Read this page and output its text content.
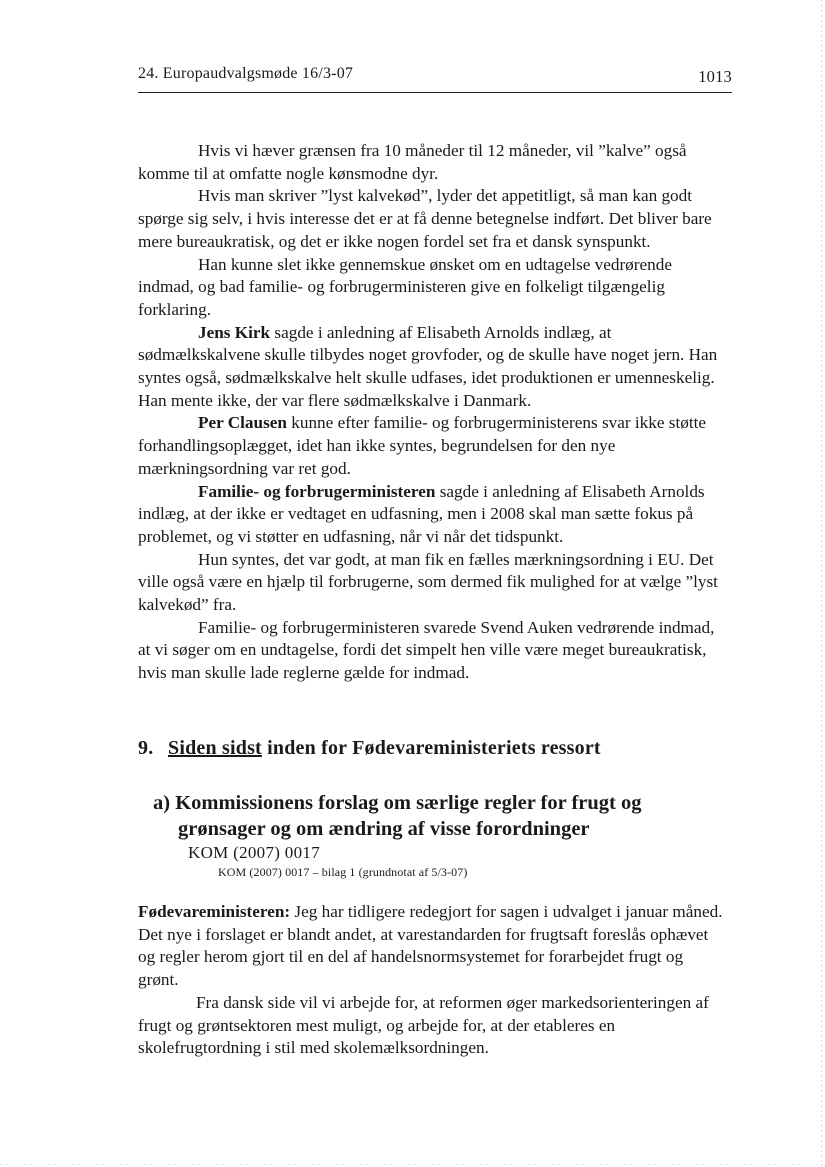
24. Europaudvalgsmøde 16/3-07	1013

Hvis vi hæver grænsen fra 10 måneder til 12 måneder, vil ”kalve” også komme til at omfatte nogle kønsmodne dyr.

Hvis man skriver ”lyst kalvekød”, lyder det appetitligt, så man kan godt spørge sig selv, i hvis interesse det er at få denne betegnelse indført. Det bliver bare mere bureaukratisk, og det er ikke nogen fordel set fra et dansk synspunkt.

Han kunne slet ikke gennemskue ønsket om en udtagelse vedrørende indmad, og bad familie- og forbrugerministeren give en folkeligt tilgængelig forklaring.

Jens Kirk sagde i anledning af Elisabeth Arnolds indlæg, at sødmælkskalvene skulle tilbydes noget grovfoder, og de skulle have noget jern. Han syntes også, sødmælkskalve helt skulle udfases, idet produktionen er umenneskelig. Han mente ikke, der var flere sødmælkskalve i Danmark.

Per Clausen kunne efter familie- og forbrugerministerens svar ikke støtte forhandlingsoplægget, idet han ikke syntes, begrundelsen for den nye mærkningsordning var ret god.

Familie- og forbrugerministeren sagde i anledning af Elisabeth Arnolds indlæg, at der ikke er vedtaget en udfasning, men i 2008 skal man sætte fokus på problemet, og vi støtter en udfasning, når vi når det tidspunkt.

Hun syntes, det var godt, at man fik en fælles mærkningsordning i EU. Det ville også være en hjælp til forbrugerne, som dermed fik mulighed for at vælge ”lyst kalvekød” fra.

Familie- og forbrugerministeren svarede Svend Auken vedrørende indmad, at vi søger om en undtagelse, fordi det simpelt hen ville være meget bureaukratisk, hvis man skulle lade reglerne gælde for indmad.

9. Siden sidst inden for Fødevareministeriets ressort
a) Kommissionens forslag om særlige regler for frugt og
grønsager og om ændring af visse forordninger
KOM (2007) 0017
KOM (2007) 0017 – bilag 1 (grundnotat af 5/3-07)

Fødevareministeren: Jeg har tidligere redegjort for sagen i udvalget i januar måned. Det nye i forslaget er blandt andet, at varestandarden for frugtsaft foreslås ophævet og regler herom gjort til en del af handelsnormsystemet for forarbejdet frugt og grønt.

Fra dansk side vil vi arbejde for, at reformen øger markedsorienteringen af frugt og grøntsektoren mest muligt, og arbejde for, at der etableres en skolefrugtordning i stil med skolemælksordningen.
